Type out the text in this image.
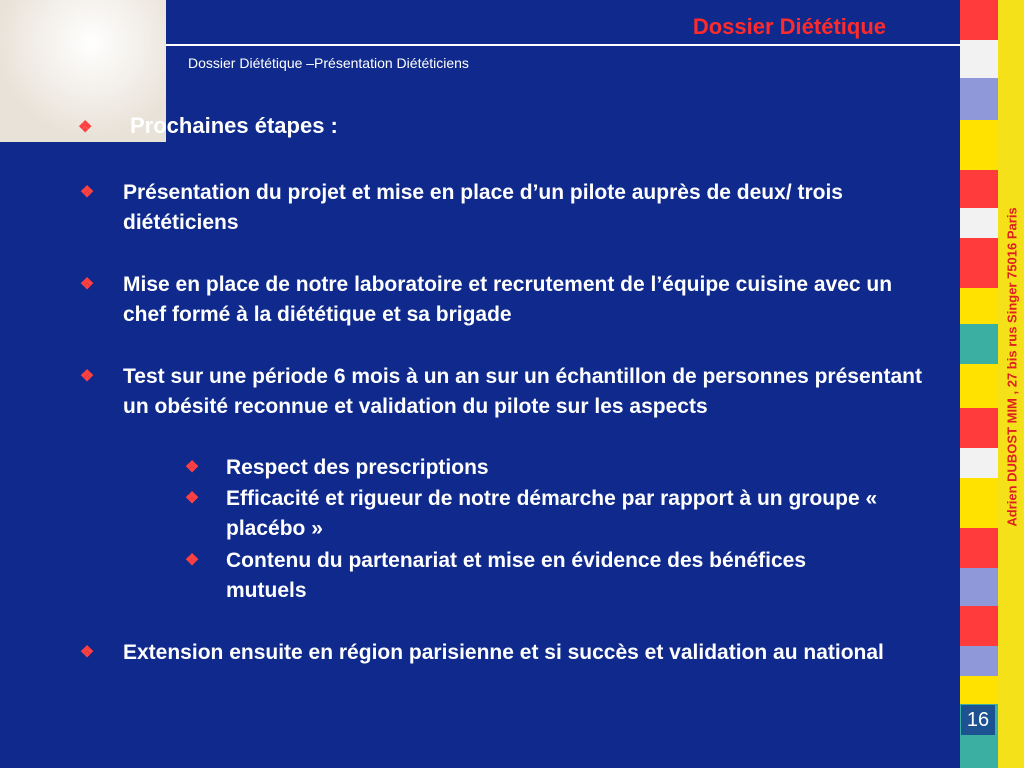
Dossier Diététique
Dossier Diététique –Présentation Diététiciens
❖ Prochaines étapes :
❖ Présentation du projet et mise en place d’un pilote auprès de deux/ trois diététiciens
❖ Mise en place de notre laboratoire et recrutement de l’équipe cuisine avec un chef formé à la diététique et sa brigade
❖ Test sur une période 6 mois à un an sur un échantillon de personnes présentant un obésité reconnue et validation du pilote sur les aspects
❖ Respect des prescriptions
❖ Efficacité et rigueur de notre démarche par rapport à un groupe « placébo »
❖ Contenu du partenariat et mise en évidence des bénéfices mutuels
❖ Extension ensuite en région parisienne et si succès et validation au national
Adrien DUBOST MIM , 27 bis rus Singer 75016 Paris
16
